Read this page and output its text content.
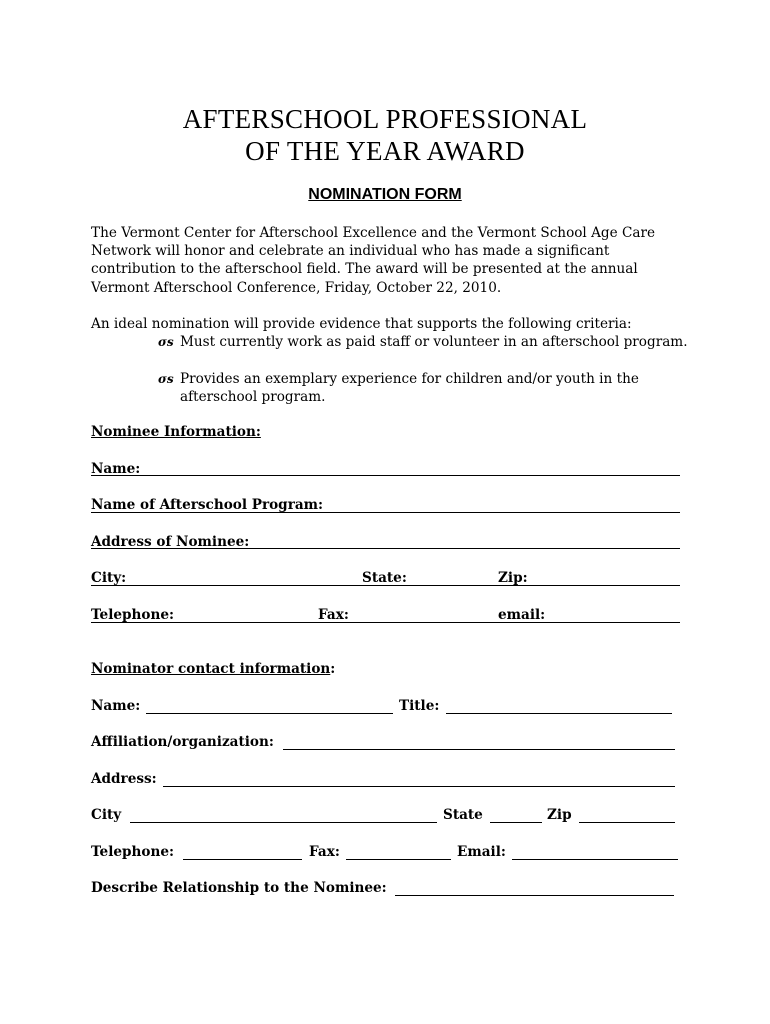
AFTERSCHOOL PROFESSIONAL
OF THE YEAR AWARD
NOMINATION FORM
The Vermont Center for Afterschool Excellence and the Vermont School Age Care Network will honor and celebrate an individual who has made a significant contribution to the afterschool field. The award will be presented at the annual Vermont Afterschool Conference, Friday, October 22, 2010.
An ideal nomination will provide evidence that supports the following criteria:
σѕ Must currently work as paid staff or volunteer in an afterschool program.
σѕ Provides an exemplary experience for children and/or youth in the afterschool program.
Nominee Information:
Name:
Name of Afterschool Program:
Address of Nominee:
City:	State:	Zip:
Telephone:	Fax:	email:
Nominator contact information:
Name:	Title:
Affiliation/organization:
Address:
City	State	Zip
Telephone:	Fax:	Email:
Describe Relationship to the Nominee:
